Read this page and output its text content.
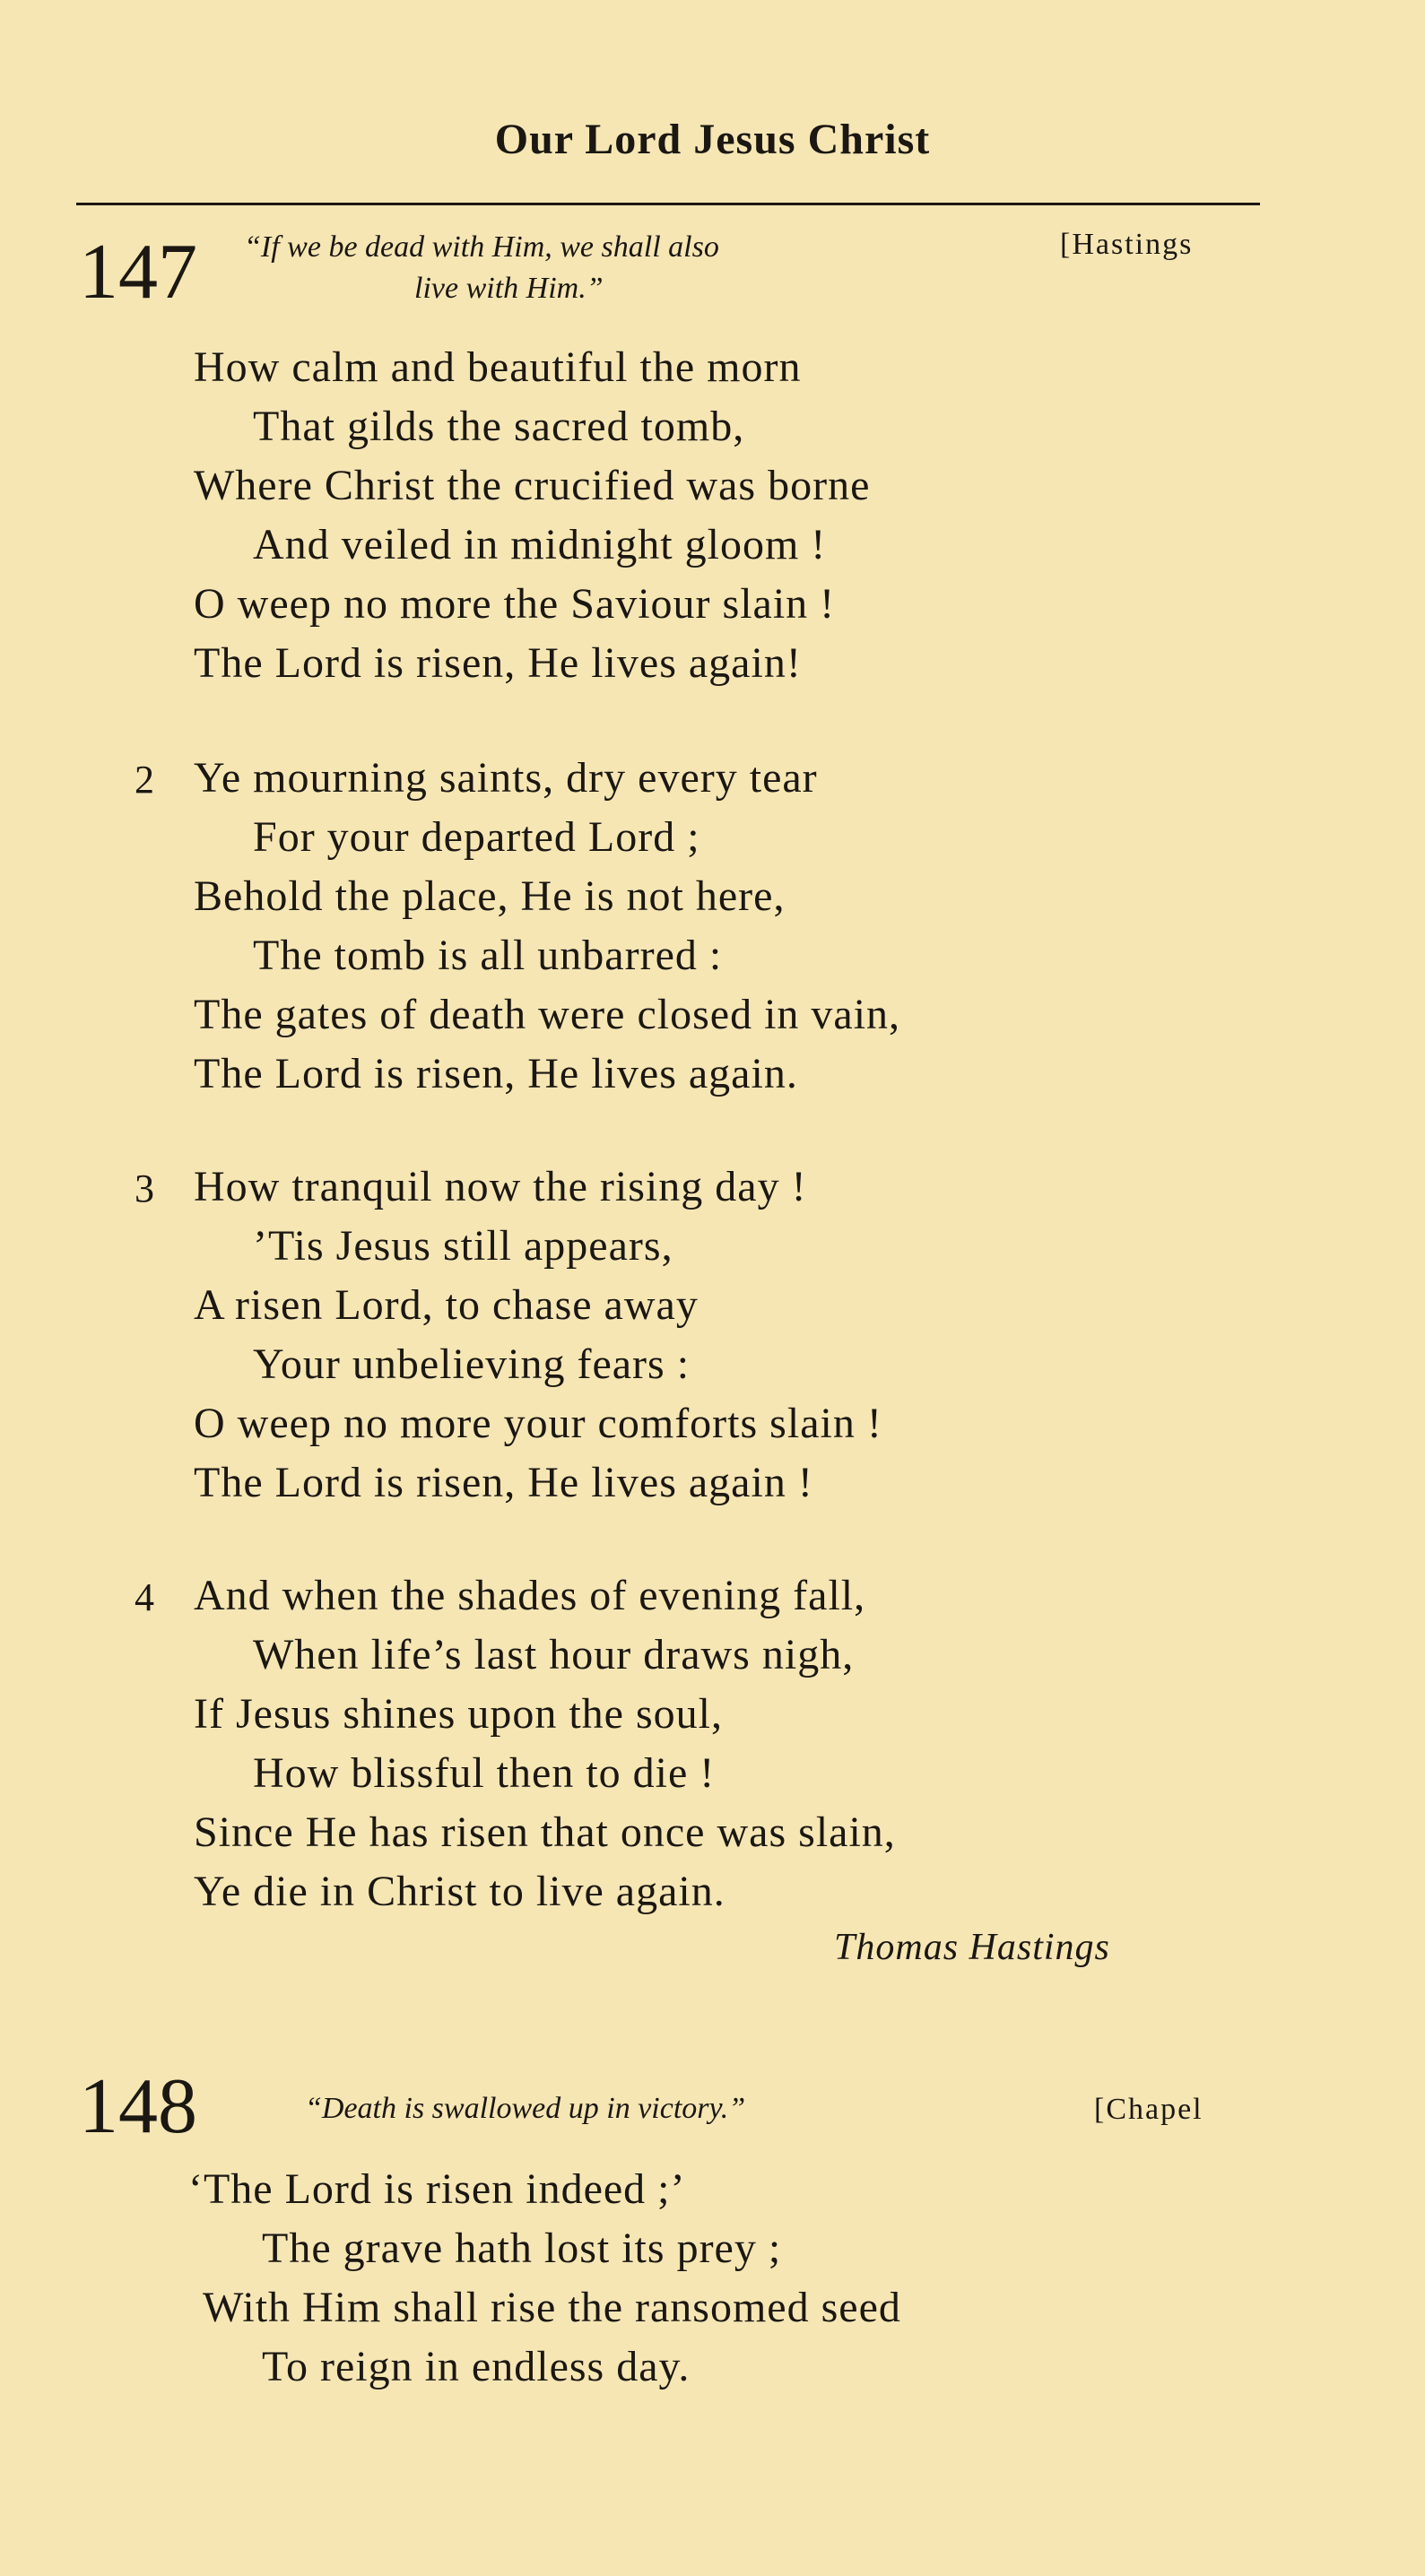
Our Lord Jesus Christ
147 “If we be dead with Him, we shall also
live with Him.”
[Hastings
How calm and beautiful the morn
That gilds the sacred tomb,
Where Christ the crucified was borne
And veiled in midnight gloom !
O weep no more the Saviour slain !
The Lord is risen, He lives again!
2 Ye mourning saints, dry every tear
For your departed Lord ;
Behold the place, He is not here,
The tomb is all unbarred :
The gates of death were closed in vain,
The Lord is risen, He lives again.
3 How tranquil now the rising day !
’Tis Jesus still appears,
A risen Lord, to chase away
Your unbelieving fears :
O weep no more your comforts slain !
The Lord is risen, He lives again !
4 And when the shades of evening fall,
When life’s last hour draws nigh,
If Jesus shines upon the soul,
How blissful then to die !
Since He has risen that once was slain,
Ye die in Christ to live again.
Thomas Hastings
148	“Death is swallowed up in victory.”	[Chapel
‘The Lord is risen indeed ;’
The grave hath lost its prey ;
With Him shall rise the ransomed seed
To reign in endless day.
